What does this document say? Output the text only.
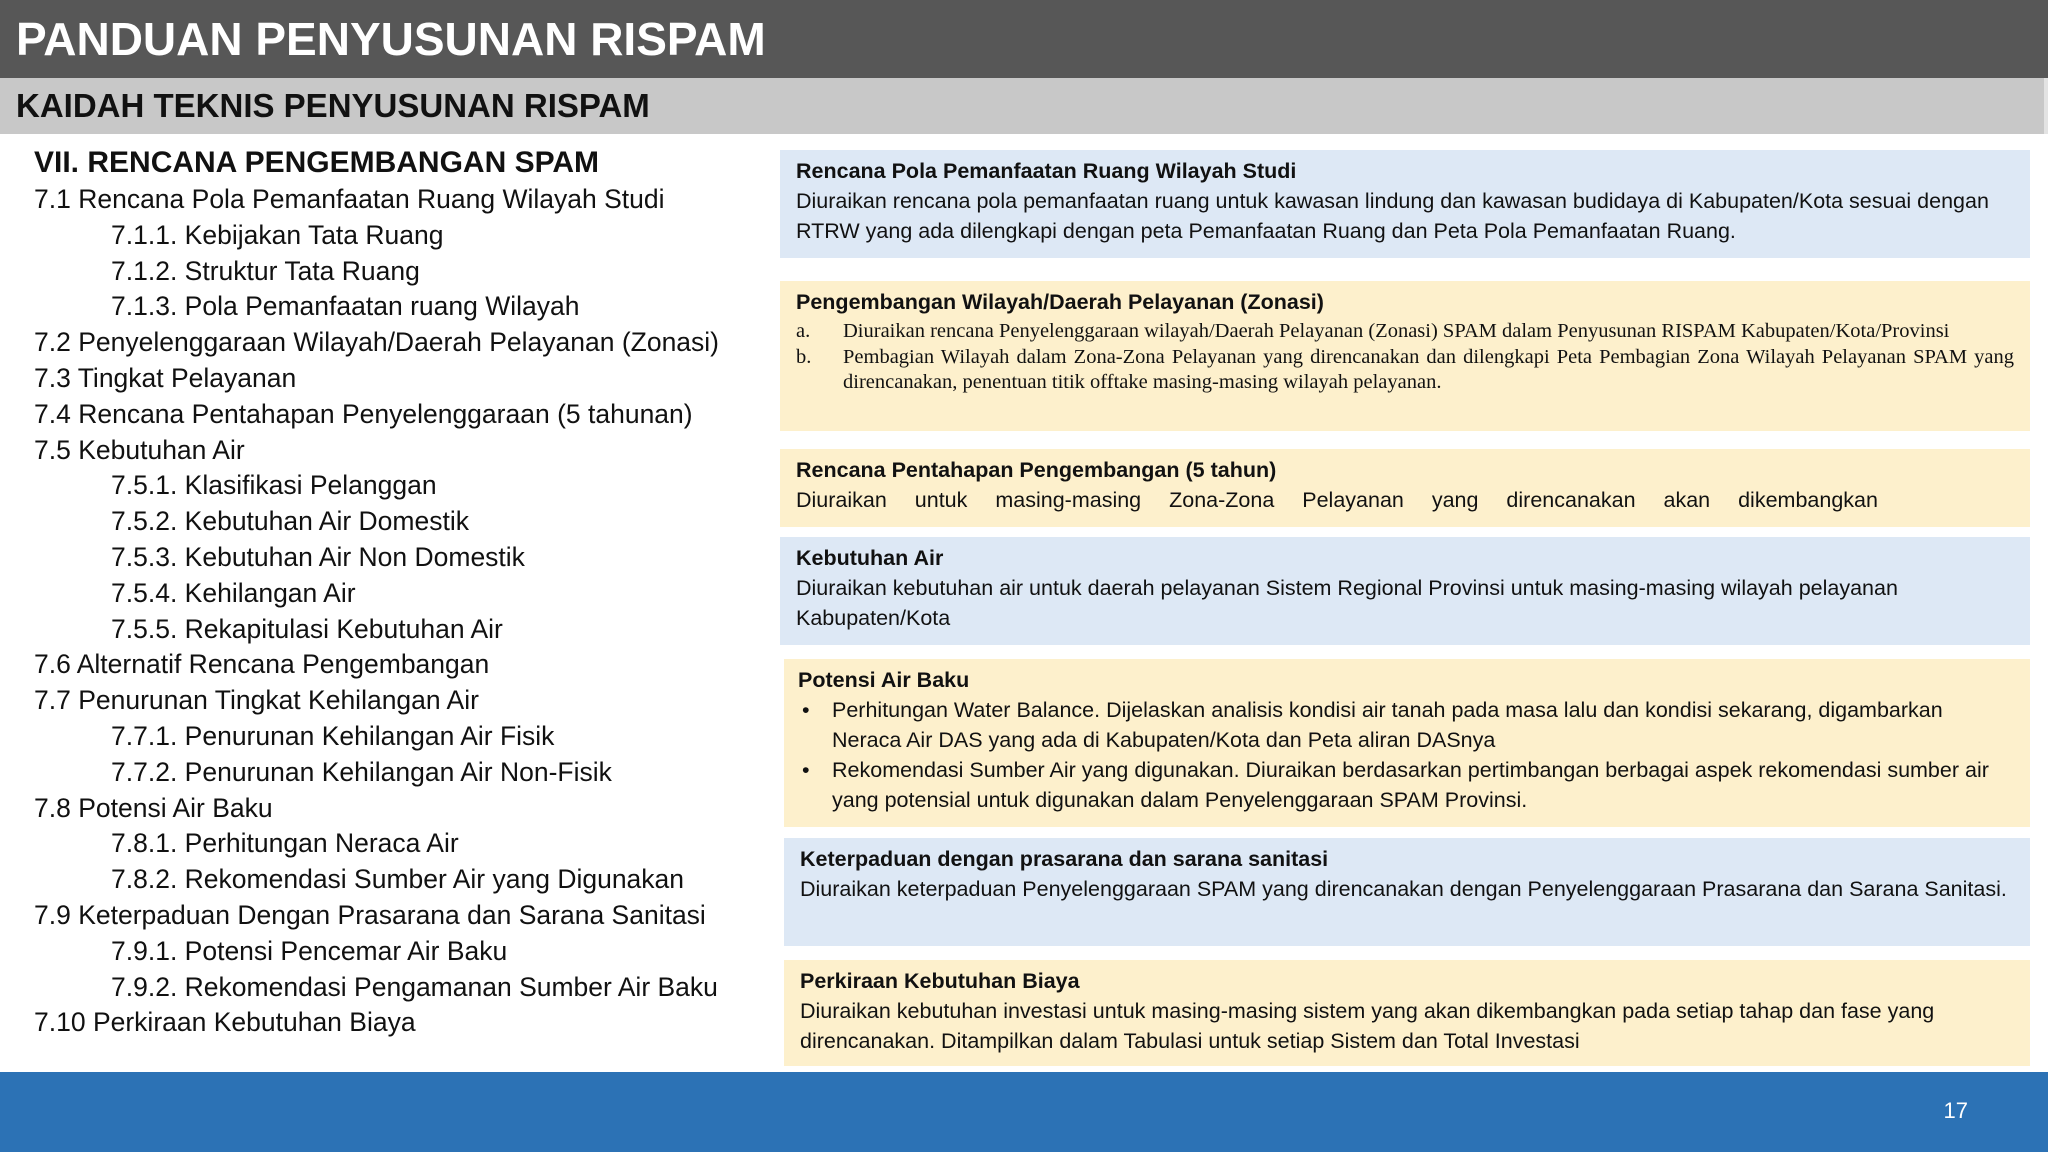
PANDUAN PENYUSUNAN RISPAM
KAIDAH TEKNIS PENYUSUNAN RISPAM
VII. RENCANA PENGEMBANGAN SPAM
7.1 Rencana Pola Pemanfaatan Ruang Wilayah Studi
7.1.1. Kebijakan Tata Ruang
7.1.2. Struktur Tata Ruang
7.1.3. Pola Pemanfaatan ruang Wilayah
7.2 Penyelenggaraan Wilayah/Daerah Pelayanan (Zonasi)
7.3 Tingkat Pelayanan
7.4 Rencana Pentahapan Penyelenggaraan (5 tahunan)
7.5 Kebutuhan Air
7.5.1. Klasifikasi Pelanggan
7.5.2. Kebutuhan Air Domestik
7.5.3. Kebutuhan Air Non Domestik
7.5.4. Kehilangan Air
7.5.5. Rekapitulasi Kebutuhan Air
7.6 Alternatif Rencana Pengembangan
7.7 Penurunan Tingkat Kehilangan Air
7.7.1. Penurunan Kehilangan Air Fisik
7.7.2. Penurunan Kehilangan Air Non-Fisik
7.8 Potensi Air Baku
7.8.1. Perhitungan Neraca Air
7.8.2. Rekomendasi Sumber Air yang Digunakan
7.9 Keterpaduan Dengan Prasarana dan Sarana Sanitasi
7.9.1. Potensi Pencemar Air Baku
7.9.2. Rekomendasi Pengamanan Sumber Air Baku
7.10 Perkiraan Kebutuhan Biaya
Rencana Pola Pemanfaatan Ruang Wilayah Studi
Diuraikan rencana pola pemanfaatan ruang untuk kawasan lindung dan kawasan budidaya di Kabupaten/Kota sesuai dengan RTRW yang ada dilengkapi dengan peta Pemanfaatan Ruang dan Peta Pola Pemanfaatan Ruang.
Pengembangan Wilayah/Daerah Pelayanan (Zonasi)
a.	Diuraikan rencana Penyelenggaraan wilayah/Daerah Pelayanan (Zonasi) SPAM dalam Penyusunan RISPAM Kabupaten/Kota/Provinsi
b.	Pembagian Wilayah dalam Zona-Zona Pelayanan yang direncanakan dan dilengkapi Peta Pembagian Zona Wilayah Pelayanan SPAM yang direncanakan, penentuan titik offtake masing-masing wilayah pelayanan.
Rencana Pentahapan Pengembangan (5 tahun)
Diuraikan untuk masing-masing Zona-Zona Pelayanan yang direncanakan akan dikembangkan
Kebutuhan Air
Diuraikan kebutuhan air untuk daerah pelayanan Sistem Regional Provinsi untuk masing-masing wilayah pelayanan Kabupaten/Kota
Potensi Air Baku
•	Perhitungan Water Balance. Dijelaskan analisis kondisi air tanah pada masa lalu dan kondisi sekarang, digambarkan Neraca Air DAS yang ada di Kabupaten/Kota dan Peta aliran DASnya
•	Rekomendasi Sumber Air yang digunakan. Diuraikan berdasarkan pertimbangan berbagai aspek rekomendasi sumber air yang potensial untuk digunakan dalam Penyelenggaraan SPAM Provinsi.
Keterpaduan dengan prasarana dan sarana sanitasi
Diuraikan keterpaduan Penyelenggaraan SPAM yang direncanakan dengan Penyelenggaraan Prasarana dan Sarana Sanitasi.
Perkiraan Kebutuhan Biaya
Diuraikan kebutuhan investasi untuk masing-masing sistem yang akan dikembangkan pada setiap tahap dan fase yang direncanakan. Ditampilkan dalam Tabulasi untuk setiap Sistem dan Total Investasi
17
